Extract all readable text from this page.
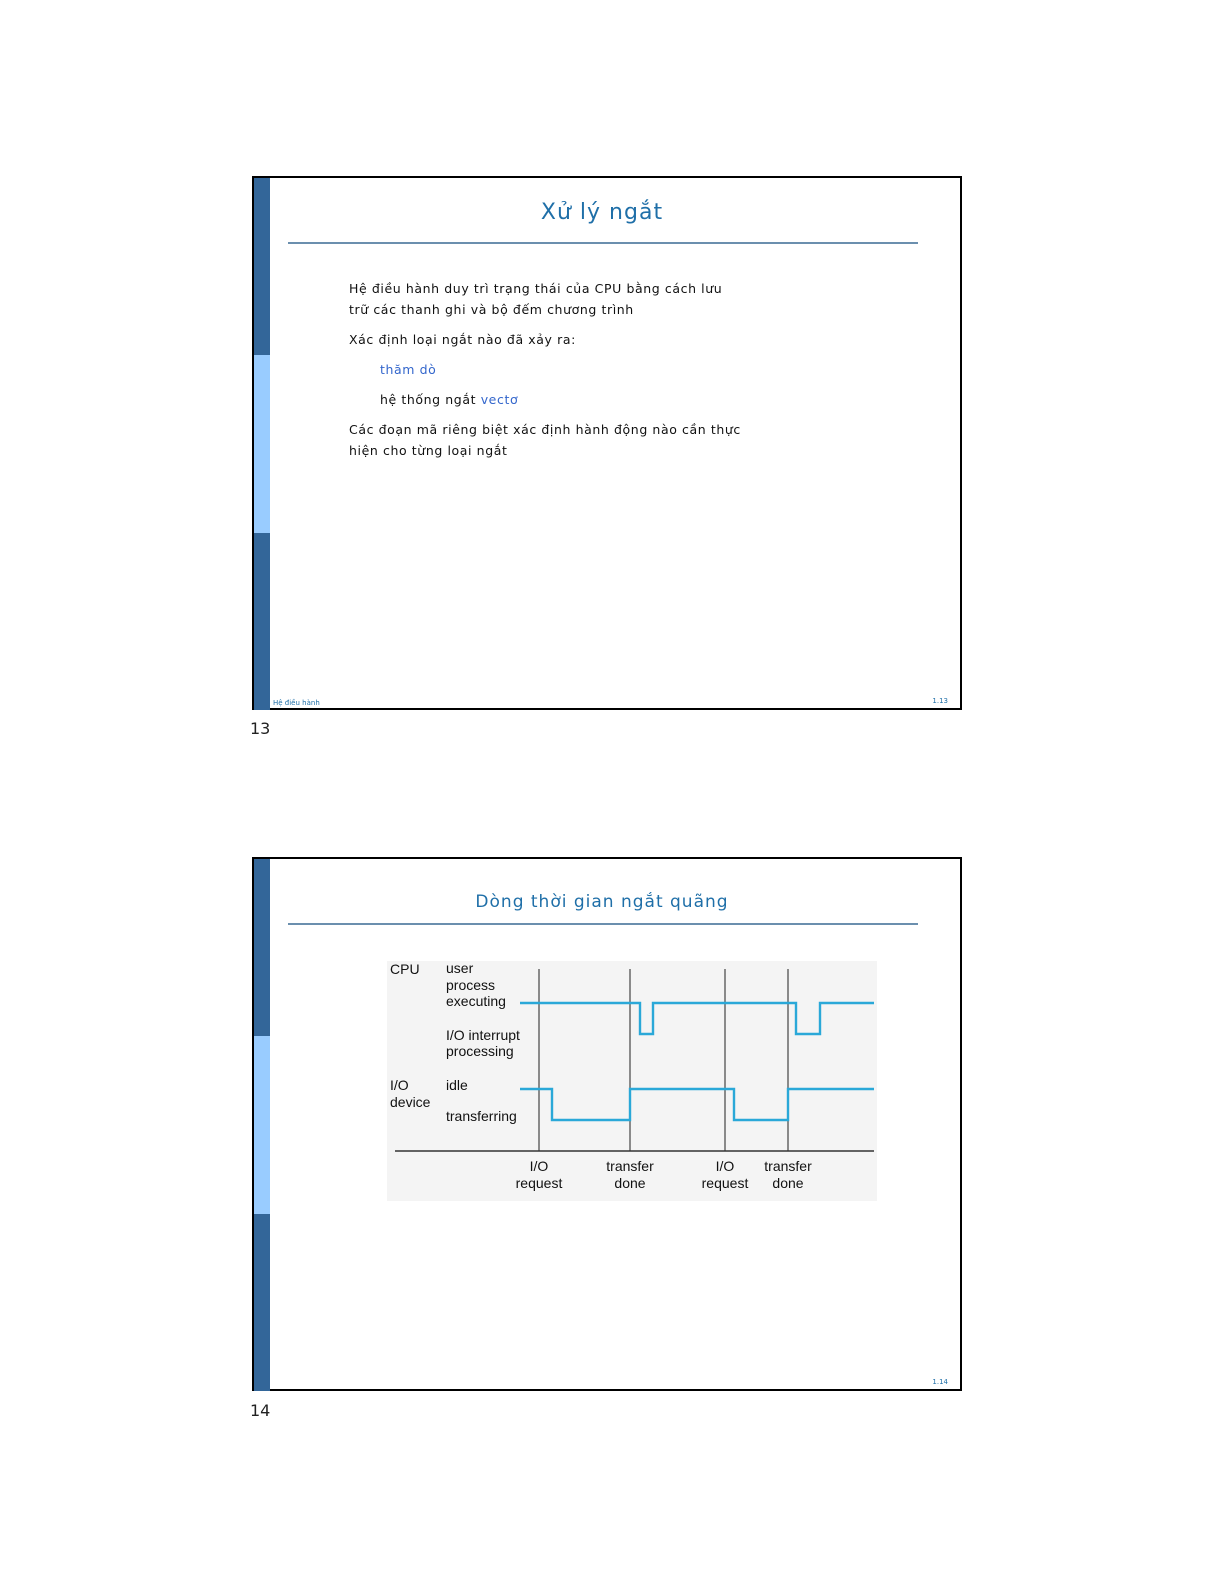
Xử lý ngắt

Hệ điều hành duy trì trạng thái của CPU bằng cách lưu
trữ các thanh ghi và bộ đếm chương trình

Xác định loại ngắt nào đã xảy ra:

thăm dò

hệ thống ngắt vectơ

Các đoạn mã riêng biệt xác định hành động nào cần thực
hiện cho từng loại ngắt

Hệ điều hành	1.13
13
Dòng thời gian ngắt quãng
CPU
I/O
device
user
process
executing
I/O interrupt
processing
idle
transferring
I/O
request
transfer
done
I/O
request
transfer
done
1.14
14
